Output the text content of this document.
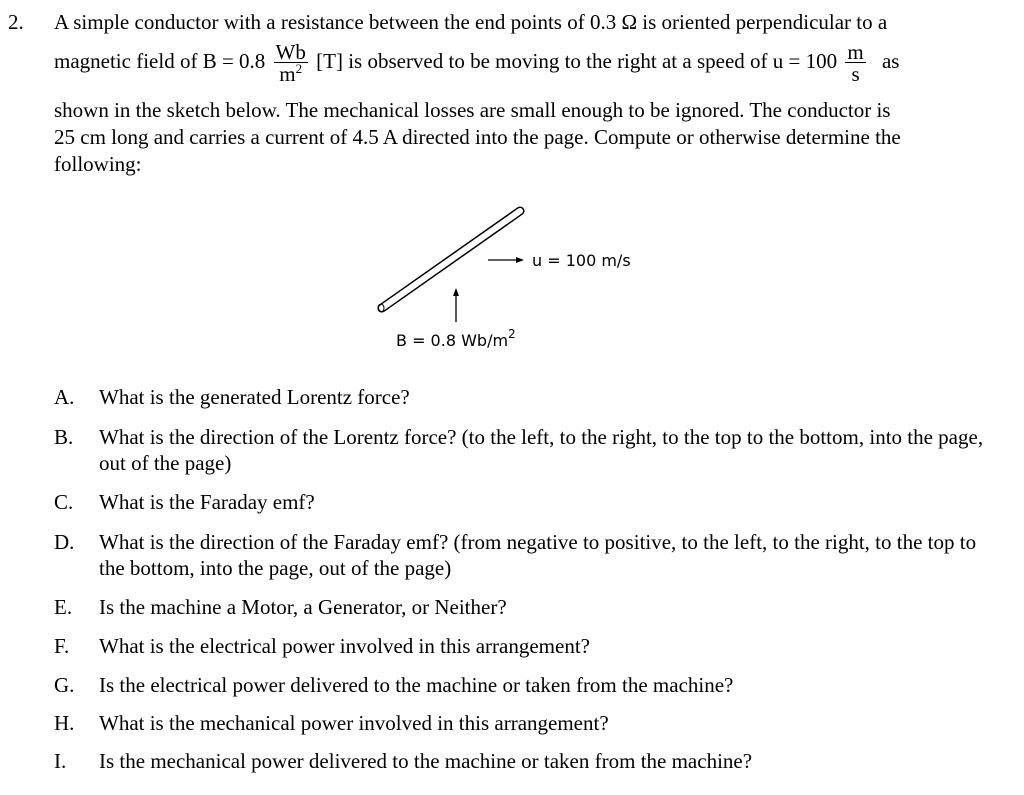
2. A simple conductor with a resistance between the end points of 0.3 Ω is oriented perpendicular to a
magnetic field of $B = 0.8 \frac{Wb}{m^2} [T]$ is observed to be moving to the right at a speed of $u = 100 \frac{m}{s}$ as
shown in the sketch below. The mechanical losses are small enough to be ignored. The conductor is
25 cm long and carries a current of 4.5 A directed into the page. Compute or otherwise determine the
following:
u = 100 m/s
B = 0.8 $Wb/m^2$
A.	What is the generated Lorentz force?
B.	What is the direction of the Lorentz force? (to the left, to the right, to the top to the bottom, into the page, out of the page)
C.	What is the Faraday emf?
D.	What is the direction of the Faraday emf? (from negative to positive, to the left, to the right, to the top to the bottom, into the page, out of the page)
E.	Is the machine a Motor, a Generator, or Neither?
F.	What is the electrical power involved in this arrangement?
G.	Is the electrical power delivered to the machine or taken from the machine?
H.	What is the mechanical power involved in this arrangement?
I.	Is the mechanical power delivered to the machine or taken from the machine?
